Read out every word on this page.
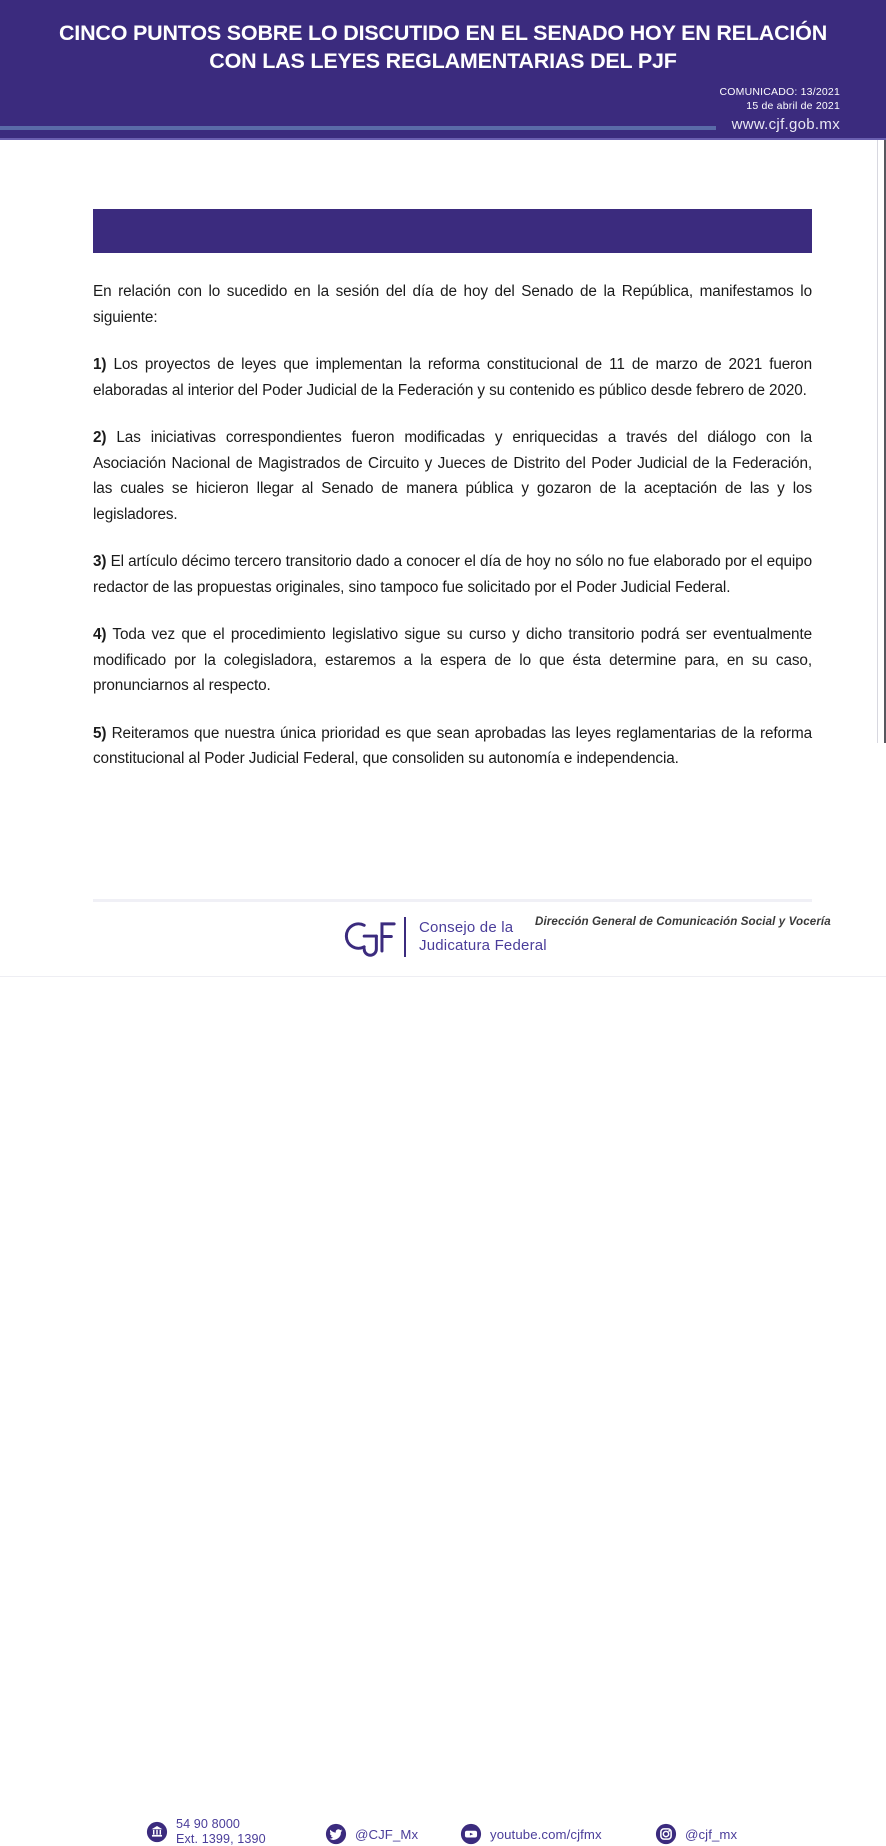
CINCO PUNTOS SOBRE LO DISCUTIDO EN EL SENADO HOY EN RELACIÓN CON LAS LEYES REGLAMENTARIAS DEL PJF
COMUNICADO: 13/2021
15 de abril de 2021
www.cjf.gob.mx

En relación con lo sucedido en la sesión del día de hoy del Senado de la República, manifestamos lo siguiente:

1) Los proyectos de leyes que implementan la reforma constitucional de 11 de marzo de 2021 fueron elaboradas al interior del Poder Judicial de la Federación y su contenido es público desde febrero de 2020.

2) Las iniciativas correspondientes fueron modificadas y enriquecidas a través del diálogo con la Asociación Nacional de Magistrados de Circuito y Jueces de Distrito del Poder Judicial de la Federación, las cuales se hicieron llegar al Senado de manera pública y gozaron de la aceptación de las y los legisladores.

3) El artículo décimo tercero transitorio dado a conocer el día de hoy no sólo no fue elaborado por el equipo redactor de las propuestas originales, sino tampoco fue solicitado por el Poder Judicial Federal.

4) Toda vez que el procedimiento legislativo sigue su curso y dicho transitorio podrá ser eventualmente modificado por la colegisladora, estaremos a la espera de lo que ésta determine para, en su caso, pronunciarnos al respecto.

5) Reiteramos que nuestra única prioridad es que sean aprobadas las leyes reglamentarias de la reforma constitucional al Poder Judicial Federal, que consoliden su autonomía e independencia.

Consejo de la
Judicatura Federal
Dirección General de Comunicación Social y Vocería
54 90 8000
Ext. 1399, 1390	@CJF_Mx	youtube.com/cjfmx	@cjf_mx
